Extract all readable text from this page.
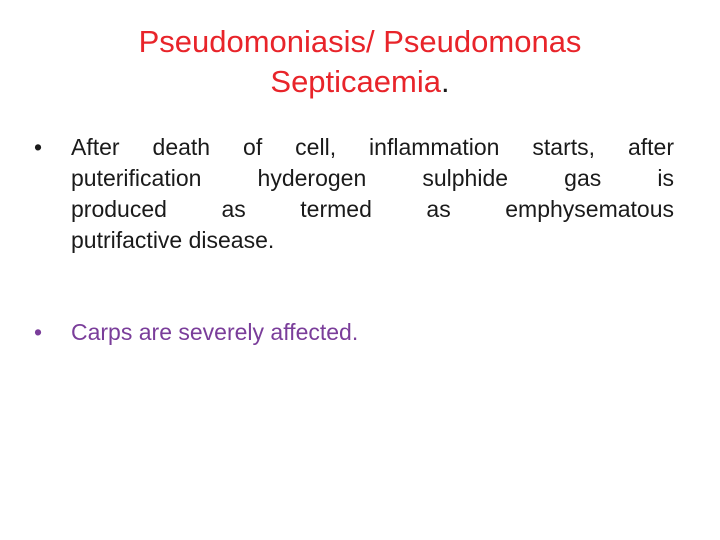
Pseudomoniasis/ Pseudomonas
Septicaemia.
•	After death of cell, inflammation starts, after
puterification hyderogen sulphide gas is
produced as termed as emphysematous
putrifactive disease.
•	Carps are severely affected.
